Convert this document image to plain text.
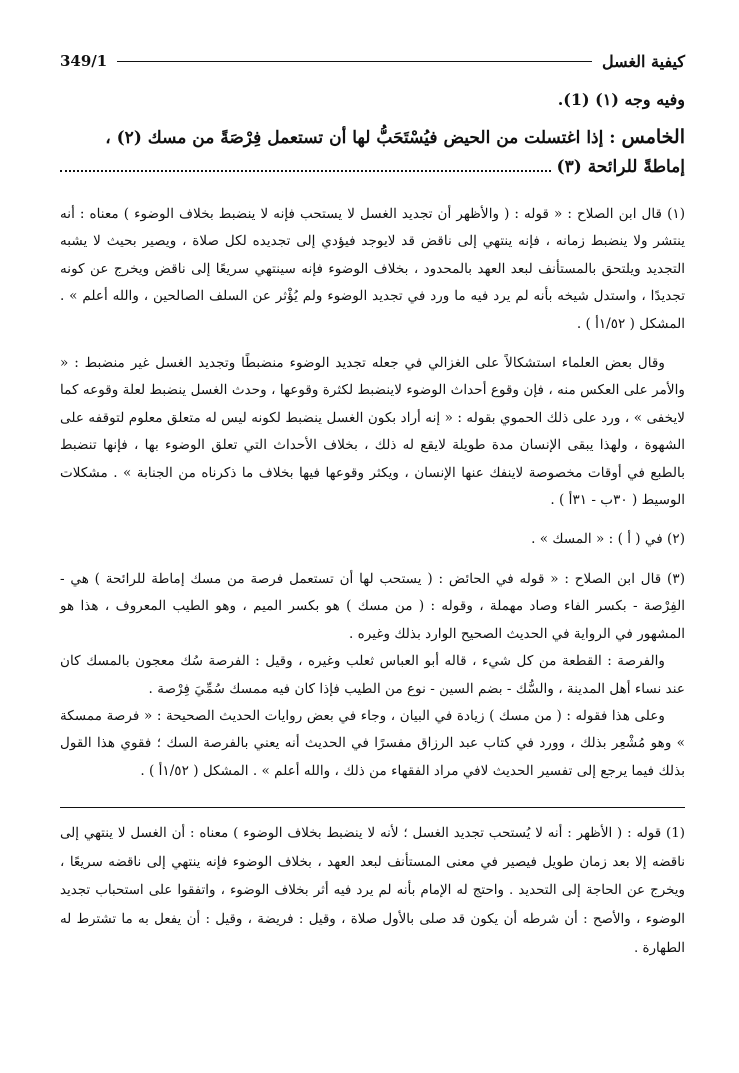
كيفية الغسل
349/1
وفيه وجه (١) (1).
الخامس : إذا اغتسلت من الحيض فيُسْتَحَبُّ لها أن تستعمل فِرْصَةً من مسك (٢) ،
إماطةً للرائحة (٣)

(١) قال ابن الصلاح : « قوله : ( والأظهر أن تجديد الغسل لا يستحب فإنه لا ينضبط بخلاف الوضوء ) معناه : أنه ينتشر ولا ينضبط زمانه ، فإنه ينتهي إلى ناقض قد لايوجد فيؤدي إلى تجديده لكل صلاة ، ويصير بحيث لا يشبه التجديد ويلتحق بالمستأنف لبعد العهد بالمحدود ، بخلاف الوضوء فإنه سينتهي سريعًا إلى ناقض ويخرج عن كونه تجديدًا ، واستدل شيخه بأنه لم يرد فيه ما ورد في تجديد الوضوء ولم يُؤْثر عن السلف الصالحين ، والله أعلم » . المشكل ( ١/٥٢أ ) .

وقال بعض العلماء استشكالاً على الغزالي في جعله تجديد الوضوء منضبطًا وتجديد الغسل غير منضبط : « والأمر على العكس منه ، فإن وقوع أحداث الوضوء لاينضبط لكثرة وقوعها ، وحدث الغسل ينضبط لعلة وقوعه كما لايخفى » ، ورد على ذلك الحموي بقوله : « إنه أراد بكون الغسل ينضبط لكونه ليس له متعلق معلوم لتوقفه على الشهوة ، ولهذا يبقى الإنسان مدة طويلة لايقع له ذلك ، بخلاف الأحداث التي تعلق الوضوء بها ، فإنها تنضبط بالطبع في أوقات مخصوصة لاينفك عنها الإنسان ، ويكثر وقوعها فيها بخلاف ما ذكرناه من الجنابة » . مشكلات الوسيط ( ٣٠ب - ٣١أ ) .

(٢) في ( أ ) : « المسك » .

(٣) قال ابن الصلاح : « قوله في الحائض : ( يستحب لها أن تستعمل فرصة من مسك إماطة للرائحة ) هي - الفِرْصة - بكسر الفاء وصاد مهملة ، وقوله : ( من مسك ) هو بكسر الميم ، وهو الطيب المعروف ، هذا هو المشهور في الرواية في الحديث الصحيح الوارد بذلك وغيره .

والفرصة : القطعة من كل شيء ، قاله أبو العباس ثعلب وغيره ، وقيل : الفرصة سُك معجون بالمسك كان عند نساء أهل المدينة ، والسُّك - بضم السين - نوع من الطيب فإذا كان فيه ممسك سُمِّيَ فِرْصة .

وعلى هذا فقوله : ( من مسك ) زيادة في البيان ، وجاء في بعض روايات الحديث الصحيحة : « فرصة ممسكة » وهو مُشْعِر بذلك ، وورد في كتاب عبد الرزاق مفسرًا في الحديث أنه يعني بالفرصة السك ؛ فقوي هذا القول بذلك فيما يرجع إلى تفسير الحديث لافي مراد الفقهاء من ذلك ، والله أعلم » . المشكل ( ١/٥٢أ ) .

(1) قوله : ( الأظهر : أنه لا يُستحب تجديد الغسل ؛ لأنه لا ينضبط بخلاف الوضوء ) معناه : أن الغسل لا ينتهي إلى ناقضه إلا بعد زمان طويل فيصير في معنى المستأنف لبعد العهد ، بخلاف الوضوء فإنه ينتهي إلى ناقضه سريعًا ، ويخرج عن الحاجة إلى التحديد . واحتج له الإمام بأنه لم يرد فيه أثر بخلاف الوضوء ، واتفقوا على استحباب تجديد الوضوء ، والأصح : أن شرطه أن يكون قد صلى بالأول صلاة ، وقيل : فريضة ، وقيل : أن يفعل به ما تشترط له الطهارة .
